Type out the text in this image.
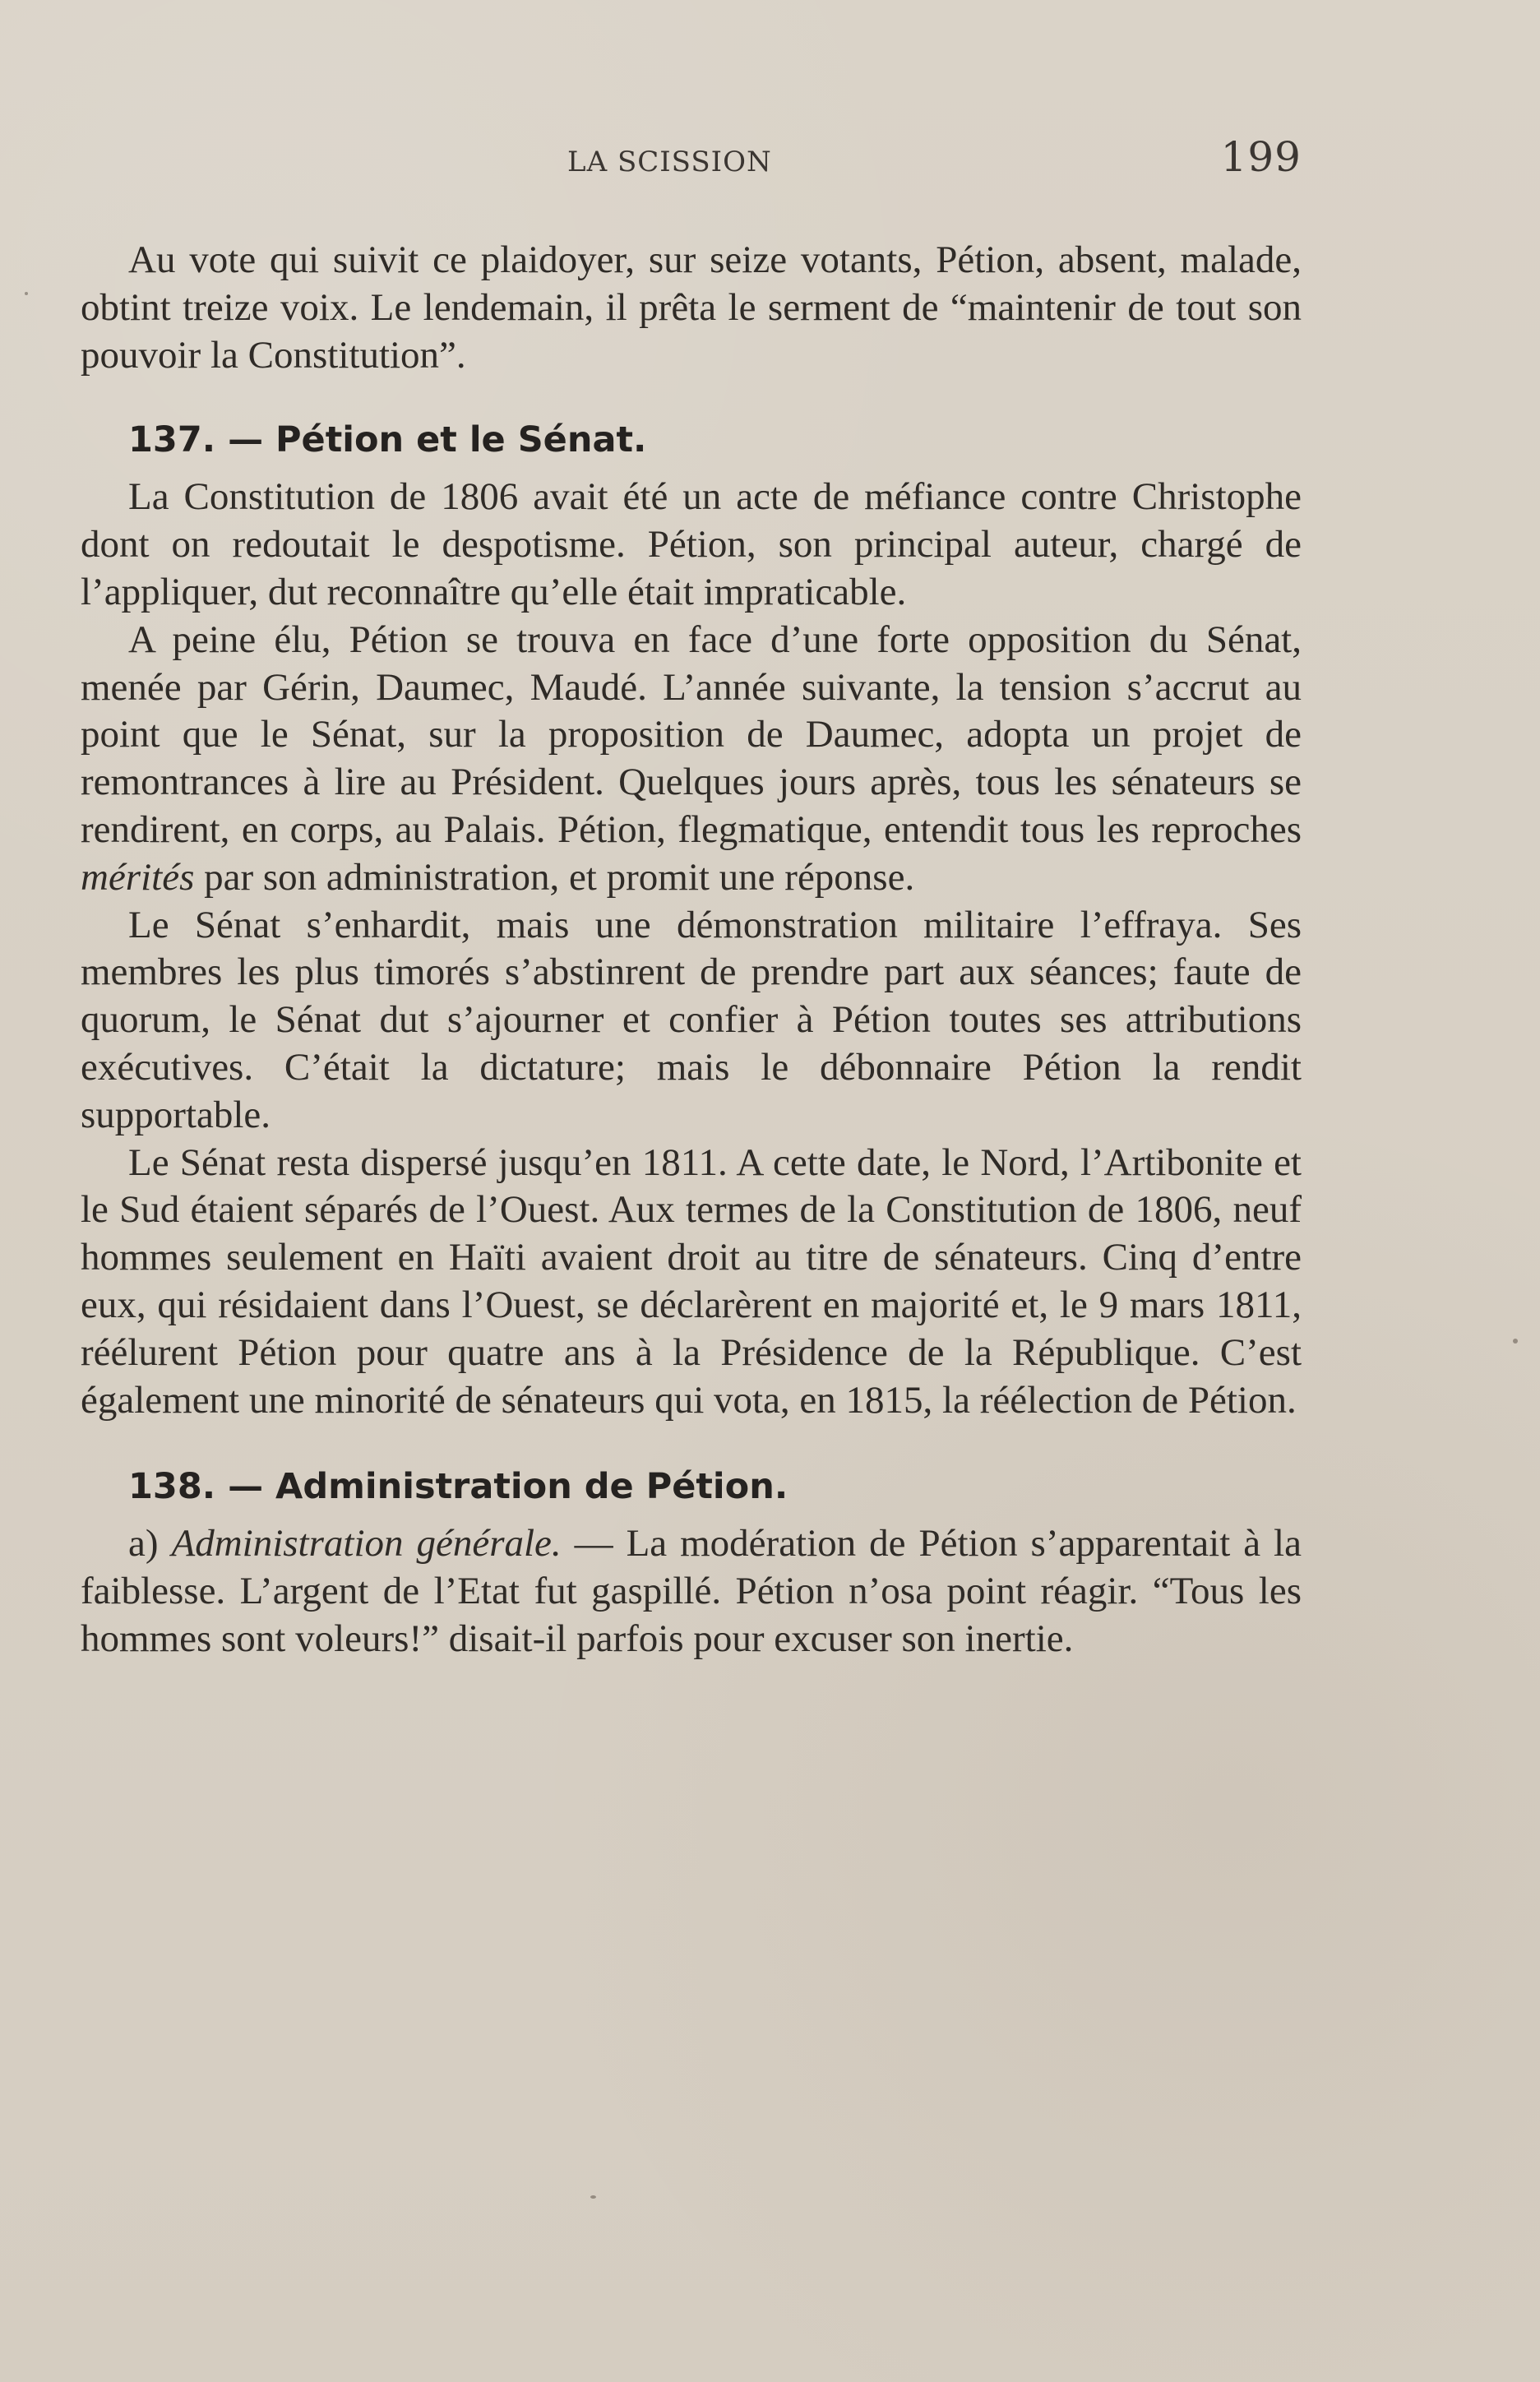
LA SCISSION	199

Au vote qui suivit ce plaidoyer, sur seize votants, Pétion, absent, malade, obtint treize voix. Le lendemain, il prêta le serment de “maintenir de tout son pouvoir la Constitution”.

137. — Pétion et le Sénat.

La Constitution de 1806 avait été un acte de méfiance contre Christophe dont on redoutait le despotisme. Pétion, son principal auteur, chargé de l’appliquer, dut reconnaître qu’elle était impraticable.

A peine élu, Pétion se trouva en face d’une forte opposition du Sénat, menée par Gérin, Daumec, Maudé. L’année suivante, la tension s’accrut au point que le Sénat, sur la proposition de Daumec, adopta un projet de remontrances à lire au Président. Quelques jours après, tous les sénateurs se rendirent, en corps, au Palais. Pétion, flegmatique, entendit tous les reproches mérités par son administration, et promit une réponse.

Le Sénat s’enhardit, mais une démonstration militaire l’effraya. Ses membres les plus timorés s’abstinrent de prendre part aux séances; faute de quorum, le Sénat dut s’ajourner et confier à Pétion toutes ses attributions exécutives. C’était la dictature; mais le débonnaire Pétion la rendit supportable.

Le Sénat resta dispersé jusqu’en 1811. A cette date, le Nord, l’Artibonite et le Sud étaient séparés de l’Ouest. Aux termes de la Constitution de 1806, neuf hommes seulement en Haïti avaient droit au titre de sénateurs. Cinq d’entre eux, qui résidaient dans l’Ouest, se déclarèrent en majorité et, le 9 mars 1811, réélurent Pétion pour quatre ans à la Présidence de la République. C’est également une minorité de sénateurs qui vota, en 1815, la réélection de Pétion.

138. — Administration de Pétion.

a) Administration générale. — La modération de Pétion s’apparentait à la faiblesse. L’argent de l’Etat fut gaspillé. Pétion n’osa point réagir. “Tous les hommes sont voleurs!” disait-il parfois pour excuser son inertie.
